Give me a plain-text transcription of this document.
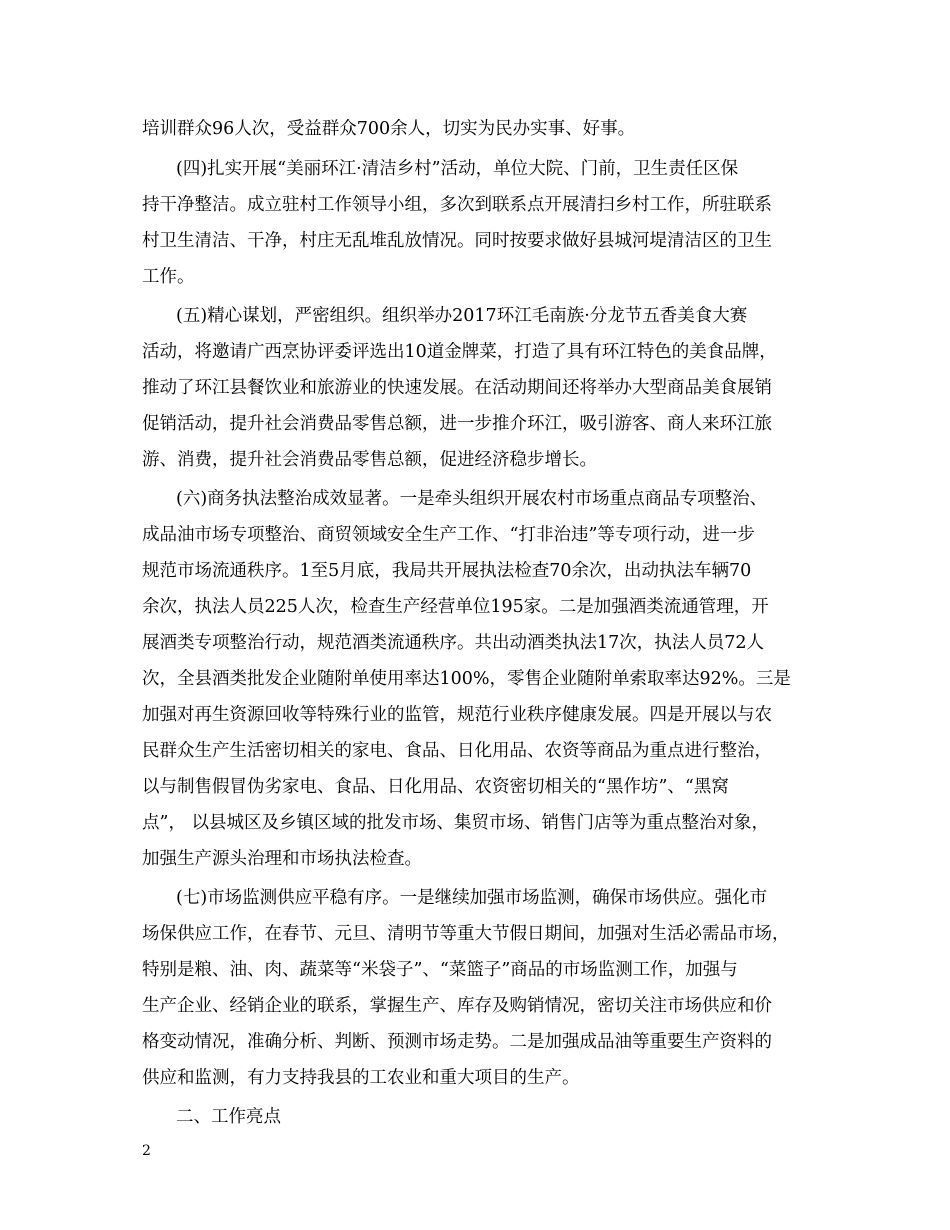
培训群众96人次，受益群众700余人，切实为民办实事、好事。
(四)扎实开展“美丽环江·清洁乡村”活动，单位大院、门前，卫生责任区保
持干净整洁。成立驻村工作领导小组，多次到联系点开展清扫乡村工作，所驻联系
村卫生清洁、干净，村庄无乱堆乱放情况。同时按要求做好县城河堤清洁区的卫生
工作。
(五)精心谋划，严密组织。组织举办2017环江毛南族·分龙节五香美食大赛
活动，将邀请广西烹协评委评选出10道金牌菜，打造了具有环江特色的美食品牌，
推动了环江县餐饮业和旅游业的快速发展。在活动期间还将举办大型商品美食展销
促销活动，提升社会消费品零售总额，进一步推介环江，吸引游客、商人来环江旅
游、消费，提升社会消费品零售总额，促进经济稳步增长。
(六)商务执法整治成效显著。一是牵头组织开展农村市场重点商品专项整治、
成品油市场专项整治、商贸领域安全生产工作、“打非治违”等专项行动，进一步
规范市场流通秩序。1至5月底，我局共开展执法检查70余次，出动执法车辆70
余次，执法人员225人次，检查生产经营单位195家。二是加强酒类流通管理，开
展酒类专项整治行动，规范酒类流通秩序。共出动酒类执法17次，执法人员72人
次，全县酒类批发企业随附单使用率达100%，零售企业随附单索取率达92%。三是
加强对再生资源回收等特殊行业的监管，规范行业秩序健康发展。四是开展以与农
民群众生产生活密切相关的家电、食品、日化用品、农资等商品为重点进行整治，
以与制售假冒伪劣家电、食品、日化用品、农资密切相关的“黑作坊”、“黑窝
点”， 以县城区及乡镇区域的批发市场、集贸市场、销售门店等为重点整治对象，
加强生产源头治理和市场执法检查。
(七)市场监测供应平稳有序。一是继续加强市场监测，确保市场供应。强化市
场保供应工作，在春节、元旦、清明节等重大节假日期间，加强对生活必需品市场，
特别是粮、油、肉、蔬菜等“米袋子”、“菜篮子”商品的市场监测工作，加强与
生产企业、经销企业的联系，掌握生产、库存及购销情况，密切关注市场供应和价
格变动情况，准确分析、判断、预测市场走势。二是加强成品油等重要生产资料的
供应和监测，有力支持我县的工农业和重大项目的生产。
二、工作亮点
2
